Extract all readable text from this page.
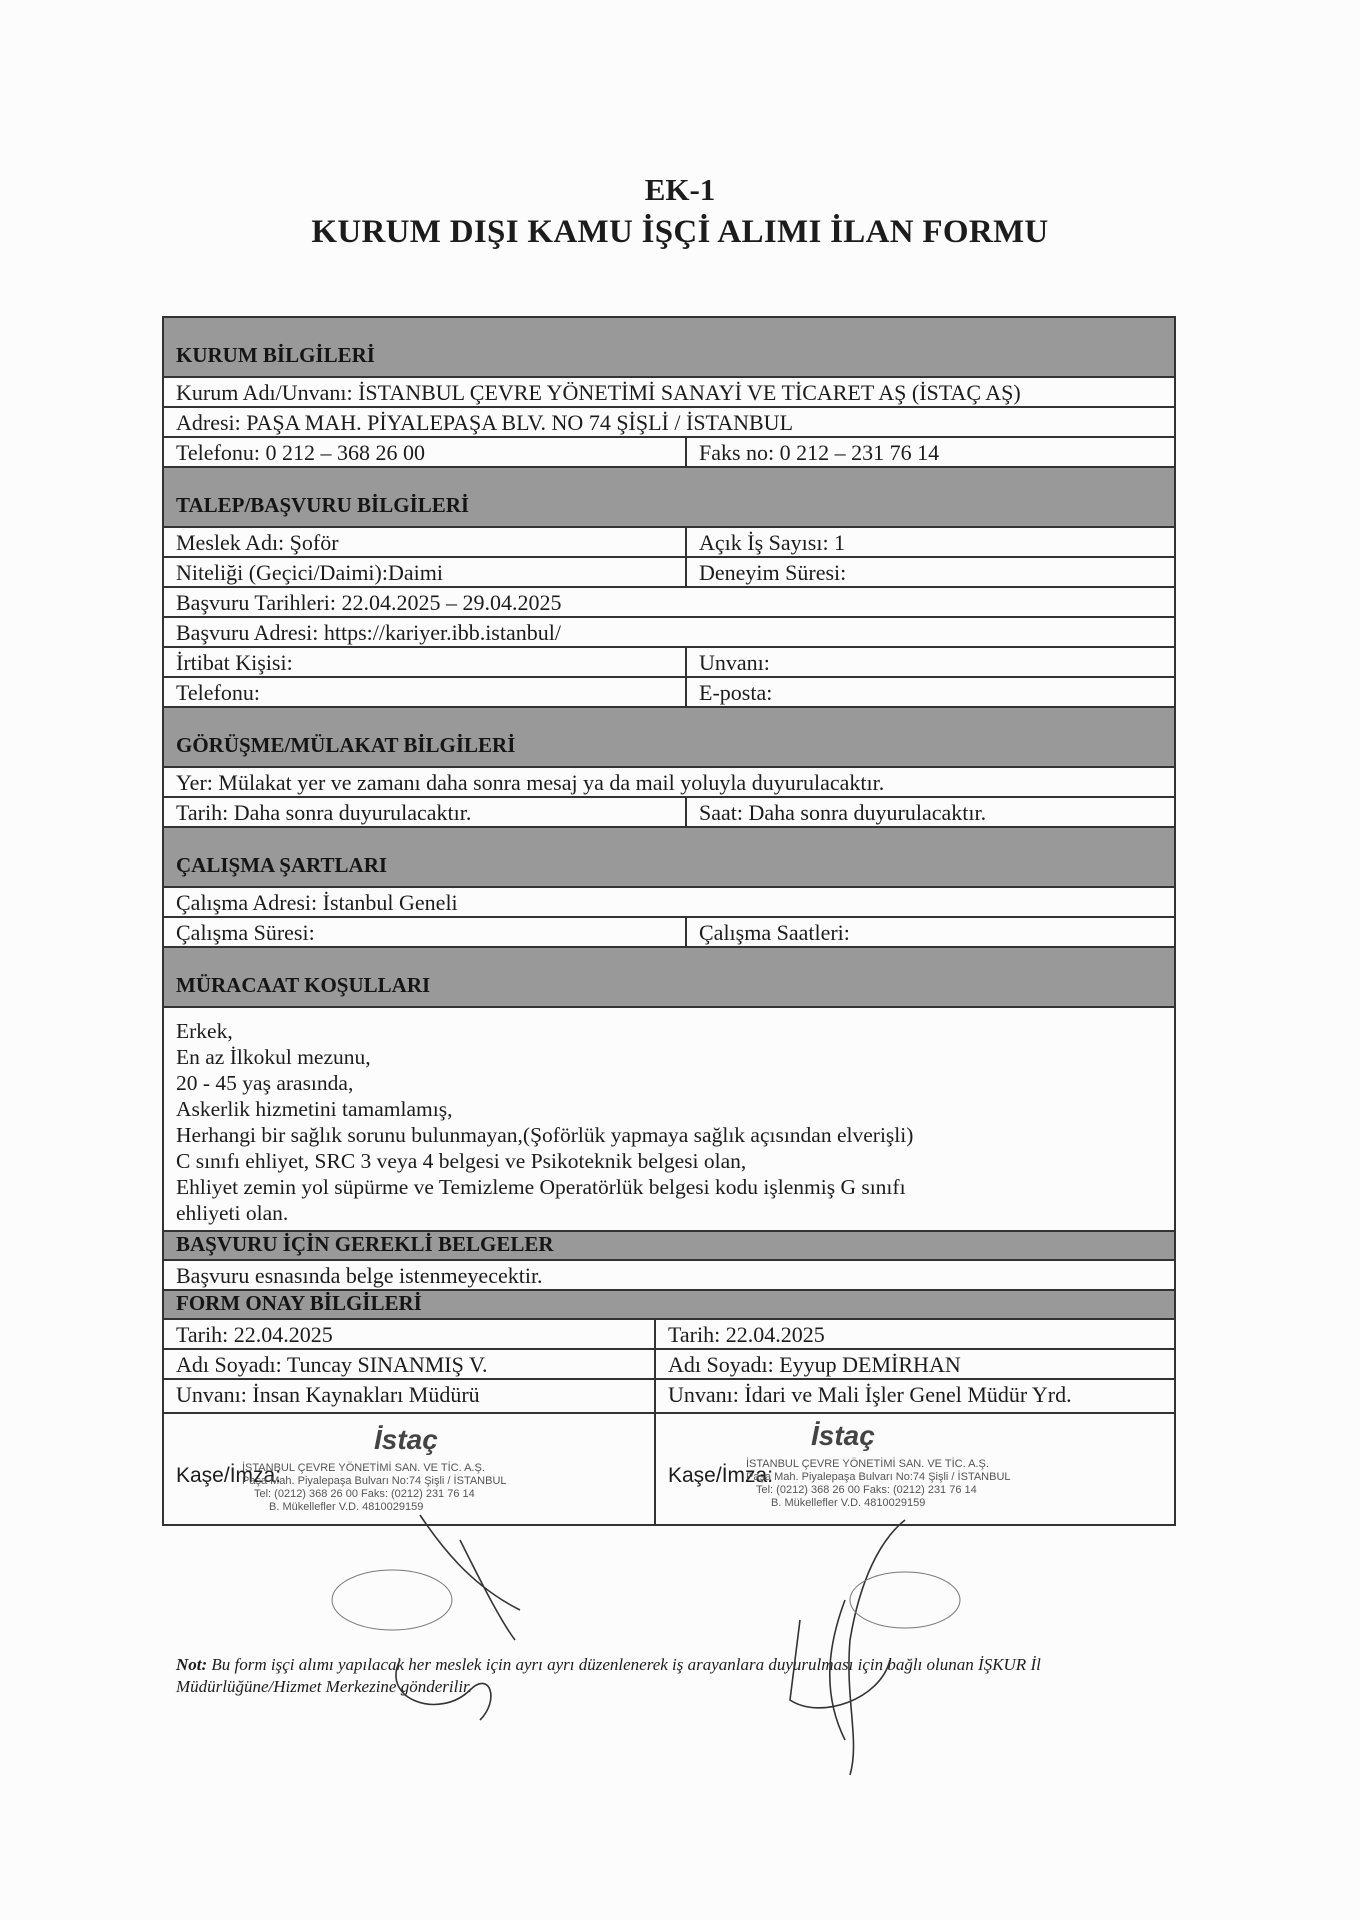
EK-1
KURUM DIŞI KAMU İŞÇİ ALIMI İLAN FORMU
KURUM BİLGİLERİ
Kurum Adı/Unvanı: İSTANBUL ÇEVRE YÖNETİMİ SANAYİ VE TİCARET AŞ (İSTAÇ AŞ)
Adresi: PAŞA MAH. PİYALEPAŞA BLV. NO 74 ŞİŞLİ / İSTANBUL
Telefonu: 0 212 – 368 26 00	Faks no: 0 212 – 231 76 14
TALEP/BAŞVURU BİLGİLERİ
Meslek Adı: Şoför	Açık İş Sayısı: 1
Niteliği (Geçici/Daimi):Daimi	Deneyim Süresi:
Başvuru Tarihleri: 22.04.2025 – 29.04.2025
Başvuru Adresi: https://kariyer.ibb.istanbul/
İrtibat Kişisi:	Unvanı:
Telefonu:	E-posta:
GÖRÜŞME/MÜLAKAT BİLGİLERİ
Yer: Mülakat yer ve zamanı daha sonra mesaj ya da mail yoluyla duyurulacaktır.
Tarih: Daha sonra duyurulacaktır.	Saat: Daha sonra duyurulacaktır.
ÇALIŞMA ŞARTLARI
Çalışma Adresi: İstanbul Geneli
Çalışma Süresi:	Çalışma Saatleri:
MÜRACAAT KOŞULLARI
Erkek,
En az İlkokul mezunu,
20 - 45 yaş arasında,
Askerlik hizmetini tamamlamış,
Herhangi bir sağlık sorunu bulunmayan,(Şoförlük yapmaya sağlık açısından elverişli)
C sınıfı ehliyet, SRC 3 veya 4 belgesi ve Psikoteknik belgesi olan,
Ehliyet zemin yol süpürme ve Temizleme Operatörlük belgesi kodu işlenmiş G sınıfı
ehliyeti olan.
BAŞVURU İÇİN GEREKLİ BELGELER
Başvuru esnasında belge istenmeyecektir.
FORM ONAY BİLGİLERİ
Tarih: 22.04.2025	Tarih: 22.04.2025
Adı Soyadı: Tuncay SINANMIŞ V.	Adı Soyadı: Eyyup DEMİRHAN
Unvanı: İnsan Kaynakları Müdürü	Unvanı: İdari ve Mali İşler Genel Müdür Yrd.
Kaşe/İmza:
İstaç
İSTANBUL ÇEVRE YÖNETİMİ SAN. VE TİC. A.Ş.
Paşa Mah. Piyalepaşa Bulvarı No:74 Şişli / İSTANBUL
Tel: (0212) 368 26 00 Faks: (0212) 231 76 14
B. Mükellefler V.D. 4810029159
Kaşe/İmza:
İstaç
İSTANBUL ÇEVRE YÖNETİMİ SAN. VE TİC. A.Ş.
Paşa Mah. Piyalepaşa Bulvarı No:74 Şişli / İSTANBUL
Tel: (0212) 368 26 00 Faks: (0212) 231 76 14
B. Mükellefler V.D. 4810029159
Not: Bu form işçi alımı yapılacak her meslek için ayrı ayrı düzenlenerek iş arayanlara duyurulması için bağlı olunan İŞKUR İl Müdürlüğüne/Hizmet Merkezine gönderilir.
